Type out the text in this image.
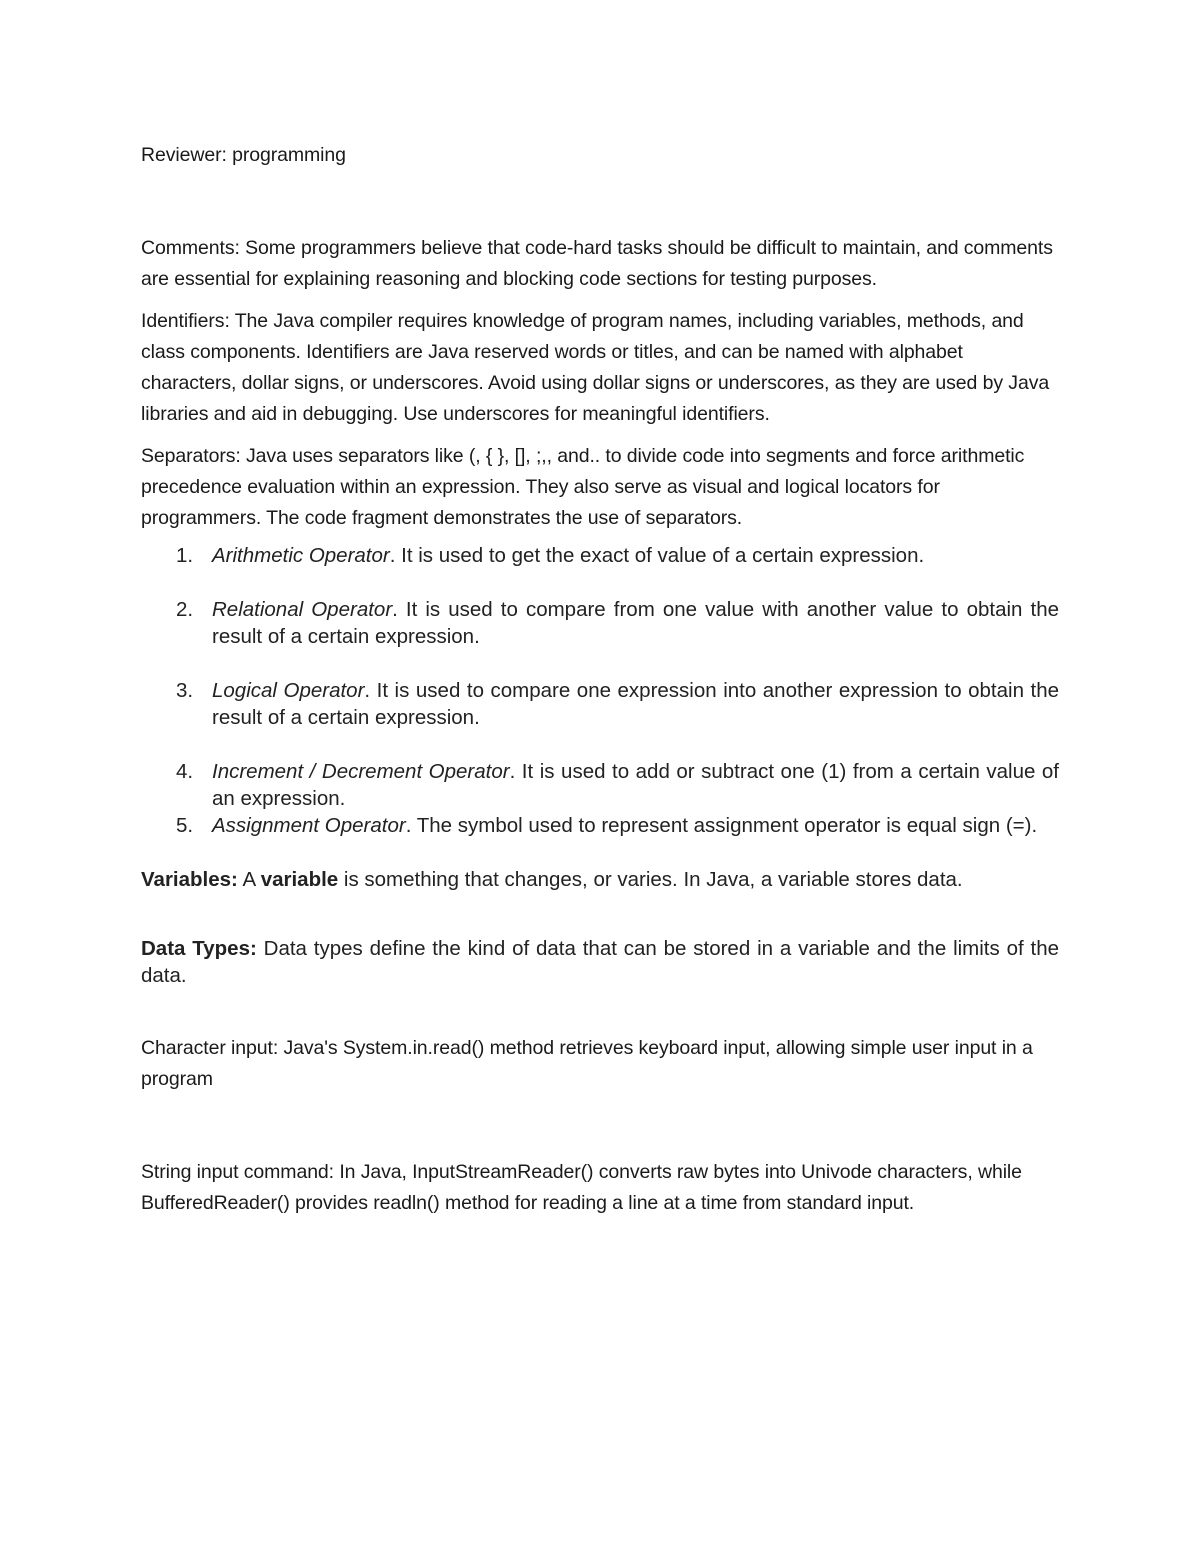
Reviewer: programming

Comments: Some programmers believe that code-hard tasks should be difficult to maintain, and comments are essential for explaining reasoning and blocking code sections for testing purposes.

Identifiers: The Java compiler requires knowledge of program names, including variables, methods, and class components. Identifiers are Java reserved words or titles, and can be named with alphabet characters, dollar signs, or underscores. Avoid using dollar signs or underscores, as they are used by Java libraries and aid in debugging. Use underscores for meaningful identifiers.

Separators: Java uses separators like (, { }, [], ;,, and.. to divide code into segments and force arithmetic precedence evaluation within an expression. They also serve as visual and logical locators for programmers. The code fragment demonstrates the use of separators.

1. Arithmetic Operator. It is used to get the exact of value of a certain expression.
2. Relational Operator. It is used to compare from one value with another value to obtain the result of a certain expression.
3. Logical Operator. It is used to compare one expression into another expression to obtain the result of a certain expression.
4. Increment / Decrement Operator. It is used to add or subtract one (1) from a certain value of an expression.
5. Assignment Operator. The symbol used to represent assignment operator is equal sign (=).

Variables: A variable is something that changes, or varies. In Java, a variable stores data.

Data Types: Data types define the kind of data that can be stored in a variable and the limits of the data.

Character input: Java's System.in.read() method retrieves keyboard input, allowing simple user input in a program

String input command: In Java, InputStreamReader() converts raw bytes into Univode characters, while BufferedReader() provides readln() method for reading a line at a time from standard input.
